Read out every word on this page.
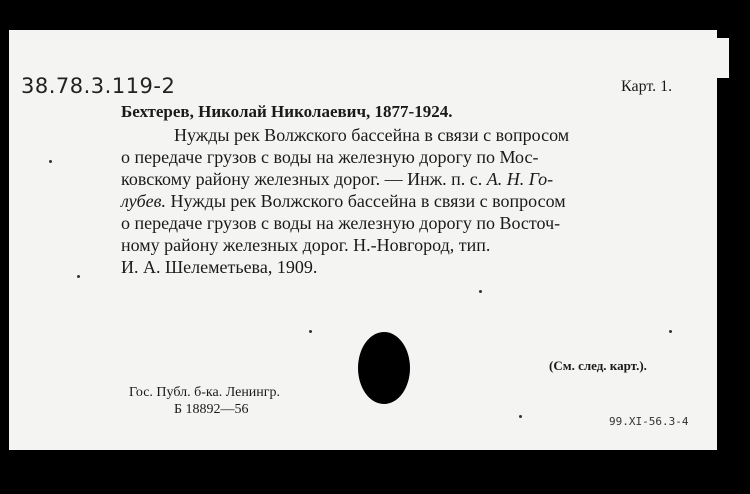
38.78.3.119-2	Карт. 1.
Бехтерев, Николай Николаевич, 1877-1924.
Нужды рек Волжского бассейна в связи с вопросом
о передаче грузов с воды на железную дорогу по Мос-
ковскому району железных дорог. — Инж. п. с. А. Н. Го-
лубев. Нужды рек Волжского бассейна в связи с вопросом
о передаче грузов с воды на железную дорогу по Восточ-
ному району железных дорог. Н.-Новгород, тип.
И. А. Шелеметьева, 1909.
(См. след. карт.).
Гос. Публ. б-ка. Ленингр.
Б 18892—56
99.XI-56.3-4
